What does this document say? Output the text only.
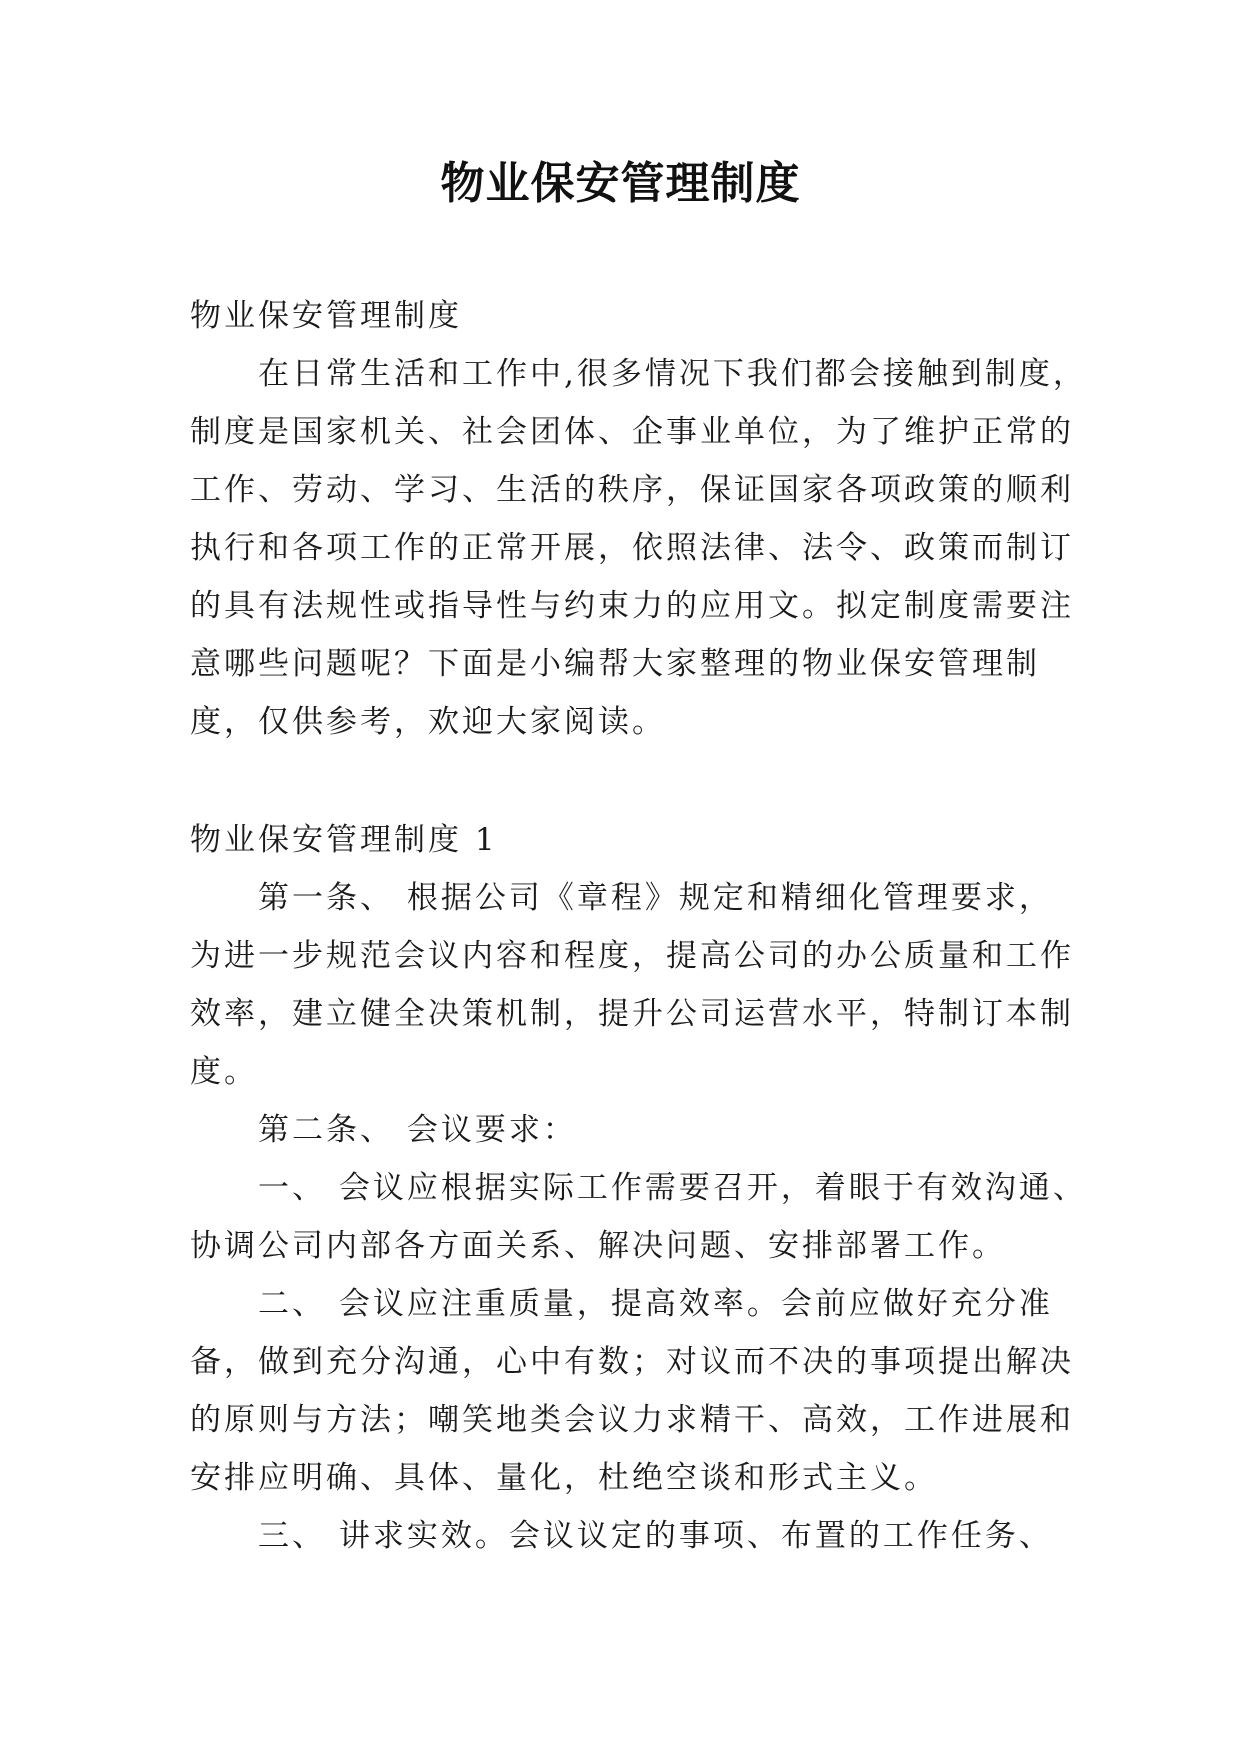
物业保安管理制度
物业保安管理制度
在日常生活和工作中,很多情况下我们都会接触到制度，
制度是国家机关、社会团体、企事业单位，为了维护正常的
工作、劳动、学习、生活的秩序，保证国家各项政策的顺利
执行和各项工作的正常开展，依照法律、法令、政策而制订
的具有法规性或指导性与约束力的应用文。拟定制度需要注
意哪些问题呢？下面是小编帮大家整理的物业保安管理制
度，仅供参考，欢迎大家阅读。
物业保安管理制度 1
第一条、 根据公司《章程》规定和精细化管理要求，
为进一步规范会议内容和程度，提高公司的办公质量和工作
效率，建立健全决策机制，提升公司运营水平，特制订本制
度。
第二条、 会议要求：
一、 会议应根据实际工作需要召开，着眼于有效沟通、
协调公司内部各方面关系、解决问题、安排部署工作。
二、 会议应注重质量，提高效率。会前应做好充分准
备，做到充分沟通，心中有数；对议而不决的事项提出解决
的原则与方法；嘲笑地类会议力求精干、高效，工作进展和
安排应明确、具体、量化，杜绝空谈和形式主义。
三、 讲求实效。会议议定的事项、布置的工作任务、
